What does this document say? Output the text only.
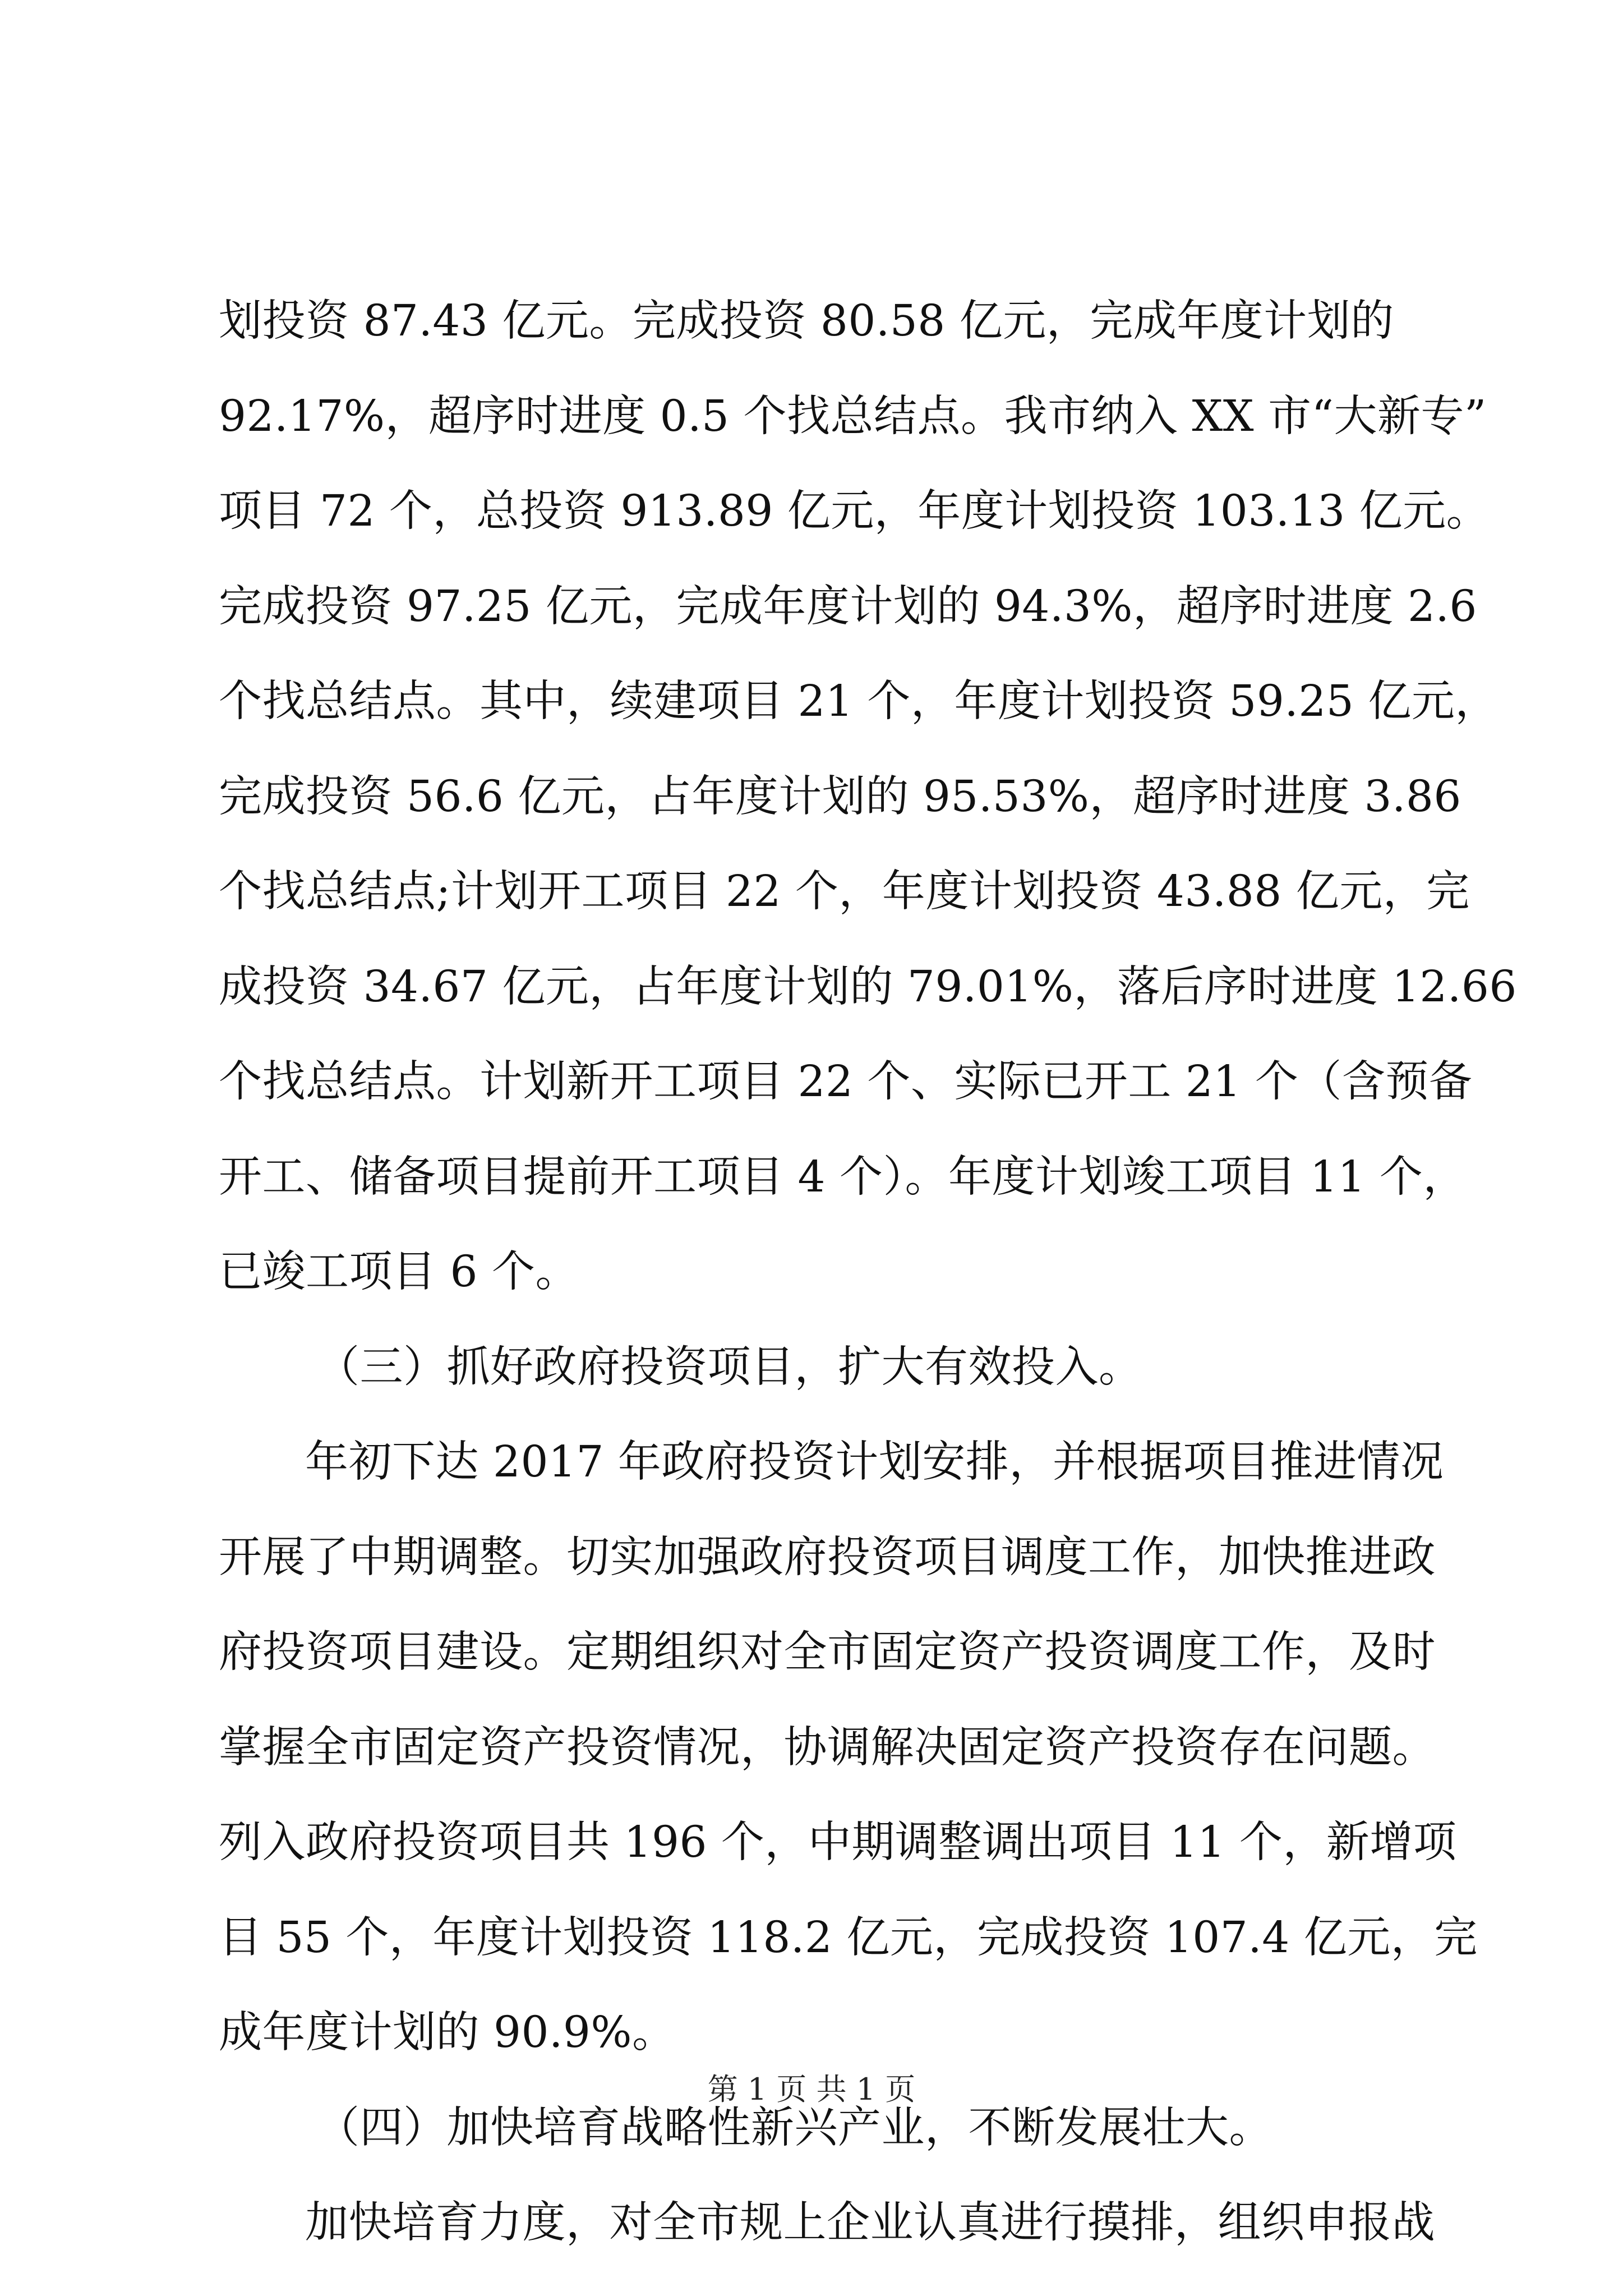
划投资 87.43 亿元。完成投资 80.58 亿元，完成年度计划的
92.17%，超序时进度 0.5 个找总结点。我市纳入 XX 市“大新专”
项目 72 个，总投资 913.89 亿元，年度计划投资 103.13 亿元。
完成投资 97.25 亿元，完成年度计划的 94.3%，超序时进度 2.6
个找总结点。其中，续建项目 21 个，年度计划投资 59.25 亿元，
完成投资 56.6 亿元，占年度计划的 95.53%，超序时进度 3.86
个找总结点;计划开工项目 22 个，年度计划投资 43.88 亿元，完
成投资 34.67 亿元，占年度计划的 79.01%，落后序时进度 12.66
个找总结点。计划新开工项目 22 个、实际已开工 21 个（含预备
开工、储备项目提前开工项目 4 个）。年度计划竣工项目 11 个，
已竣工项目 6 个。
（三）抓好政府投资项目，扩大有效投入。
年初下达 2017 年政府投资计划安排，并根据项目推进情况
开展了中期调整。切实加强政府投资项目调度工作，加快推进政
府投资项目建设。定期组织对全市固定资产投资调度工作，及时
掌握全市固定资产投资情况，协调解决固定资产投资存在问题。
列入政府投资项目共 196 个，中期调整调出项目 11 个，新增项
目 55 个，年度计划投资 118.2 亿元，完成投资 107.4 亿元，完
成年度计划的 90.9%。
（四）加快培育战略性新兴产业，不断发展壮大。
加快培育力度，对全市规上企业认真进行摸排，组织申报战
第 1 页 共 1 页
